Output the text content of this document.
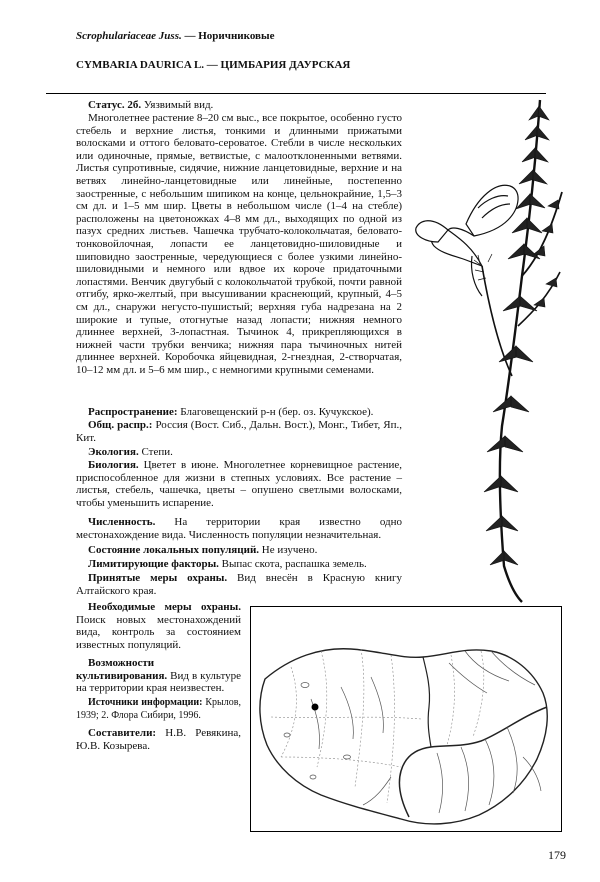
Scrophulariaceae Juss. — Норичниковые
CYMBARIA DAURICA L. — ЦИМБАРИЯ ДАУРСКАЯ
Статус. 2б. Уязвимый вид.
Многолетнее растение 8–20 см выс., все покрытое, особенно густо стебель и верхние листья, тонкими и длинными прижатыми волосками и оттого беловато-сероватое. Стебли в числе нескольких или одиночные, прямые, ветвистые, с малоотклоненными ветвями. Листья супротивные, сидячие, нижние ланцетовидные, верхние и на ветвях линейно-ланцетовидные или линейные, постепенно заостренные, с небольшим шипиком на конце, цельнокрайние, 1,5–3 см дл. и 1–5 мм шир. Цветы в небольшом числе (1–4 на стебле) расположены на цветоножках 4–8 мм дл., выходящих по одной из пазух средних листьев. Чашечка трубчато-колокольчатая, беловато-тонковойлочная, лопасти ее ланцетовидно-шиловидные и шиповидно заостренные, чередующиеся с более узкими линейно-шиловидными и немного или вдвое их короче придаточными лопастями. Венчик двугубый с колокольчатой трубкой, почти равной отгибу, ярко-желтый, при высушивании краснеющий, крупный, 4–5 см дл., снаружи негусто-пушистый; верхняя губа надрезана на 2 широкие и тупые, отогнутые назад лопасти; нижняя немного длиннее верхней, 3-лопастная. Тычинок 4, прикрепляющихся в нижней части трубки венчика; нижняя пара тычиночных нитей длиннее верхней. Коробочка яйцевидная, 2-гнездная, 2-створчатая, 10–12 мм дл. и 5–6 мм шир., с немногими крупными семенами.
Распространение: Благовещенский р-н (бер. оз. Кучукское).
Общ. распр.: Россия (Вост. Сиб., Дальн. Вост.), Монг., Тибет, Яп., Кит.
Экология. Степи.
Биология. Цветет в июне. Многолетнее корневищное растение, приспособленное для жизни в степных условиях. Все растение – листья, стебель, чашечка, цветы – опушено светлыми волосками, чтобы уменьшить испарение.
Численность. На территории края известно одно местонахождение вида. Численность популяции незначительная.
Состояние локальных популяций. Не изучено.
Лимитирующие факторы. Выпас скота, распашка земель.
Принятые меры охраны. Вид внесён в Красную книгу Алтайского края.
Необходимые меры охраны. Поиск новых местонахождений вида, контроль за состоянием известных популяций.
Возможности культивирования. Вид в культуре на территории края неизвестен.
Источники информации: Крылов, 1939; 2. Флора Сибири, 1996.
Составители: Н.В. Ревякина, Ю.В. Козырева.
179
